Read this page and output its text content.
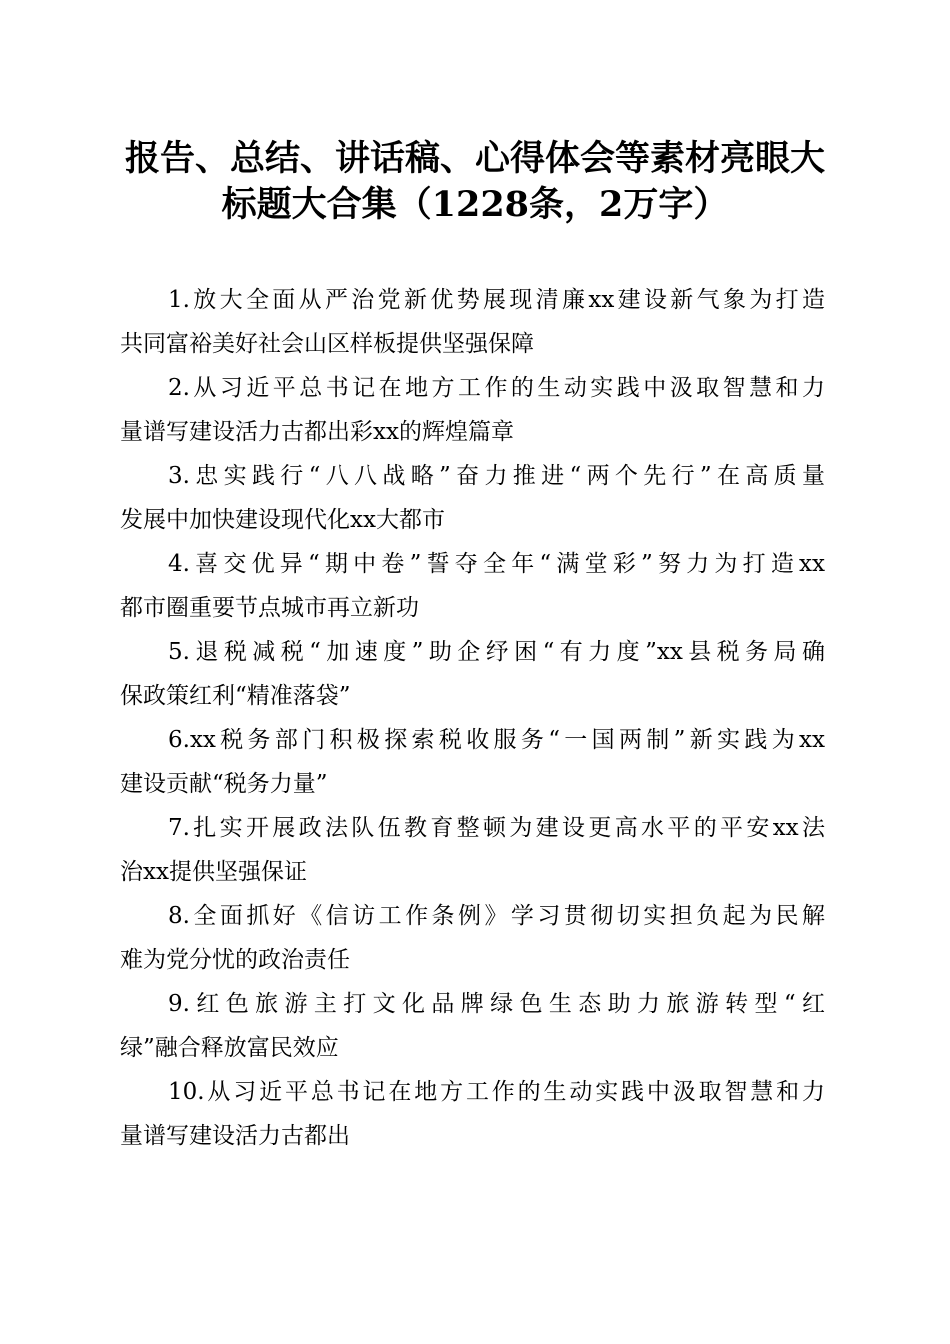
报告、总结、讲话稿、心得体会等素材亮眼大
标题大合集（1228条，2万字）
1.放大全面从严治党新优势展现清廉xx建设新气象为打造
共同富裕美好社会山区样板提供坚强保障
2.从习近平总书记在地方工作的生动实践中汲取智慧和力
量谱写建设活力古都出彩xx的辉煌篇章
3.忠实践行“八八战略”奋力推进“两个先行”在高质量
发展中加快建设现代化xx大都市
4.喜交优异“期中卷”誓夺全年“满堂彩”努力为打造xx
都市圈重要节点城市再立新功
5.退税减税“加速度”助企纾困“有力度”xx县税务局确
保政策红利“精准落袋”
6.xx税务部门积极探索税收服务“一国两制”新实践为xx
建设贡献“税务力量”
7.扎实开展政法队伍教育整顿为建设更高水平的平安xx法
治xx提供坚强保证
8.全面抓好《信访工作条例》学习贯彻切实担负起为民解
难为党分忧的政治责任
9.红色旅游主打文化品牌绿色生态助力旅游转型“红
绿”融合释放富民效应
10.从习近平总书记在地方工作的生动实践中汲取智慧和力
量谱写建设活力古都出
